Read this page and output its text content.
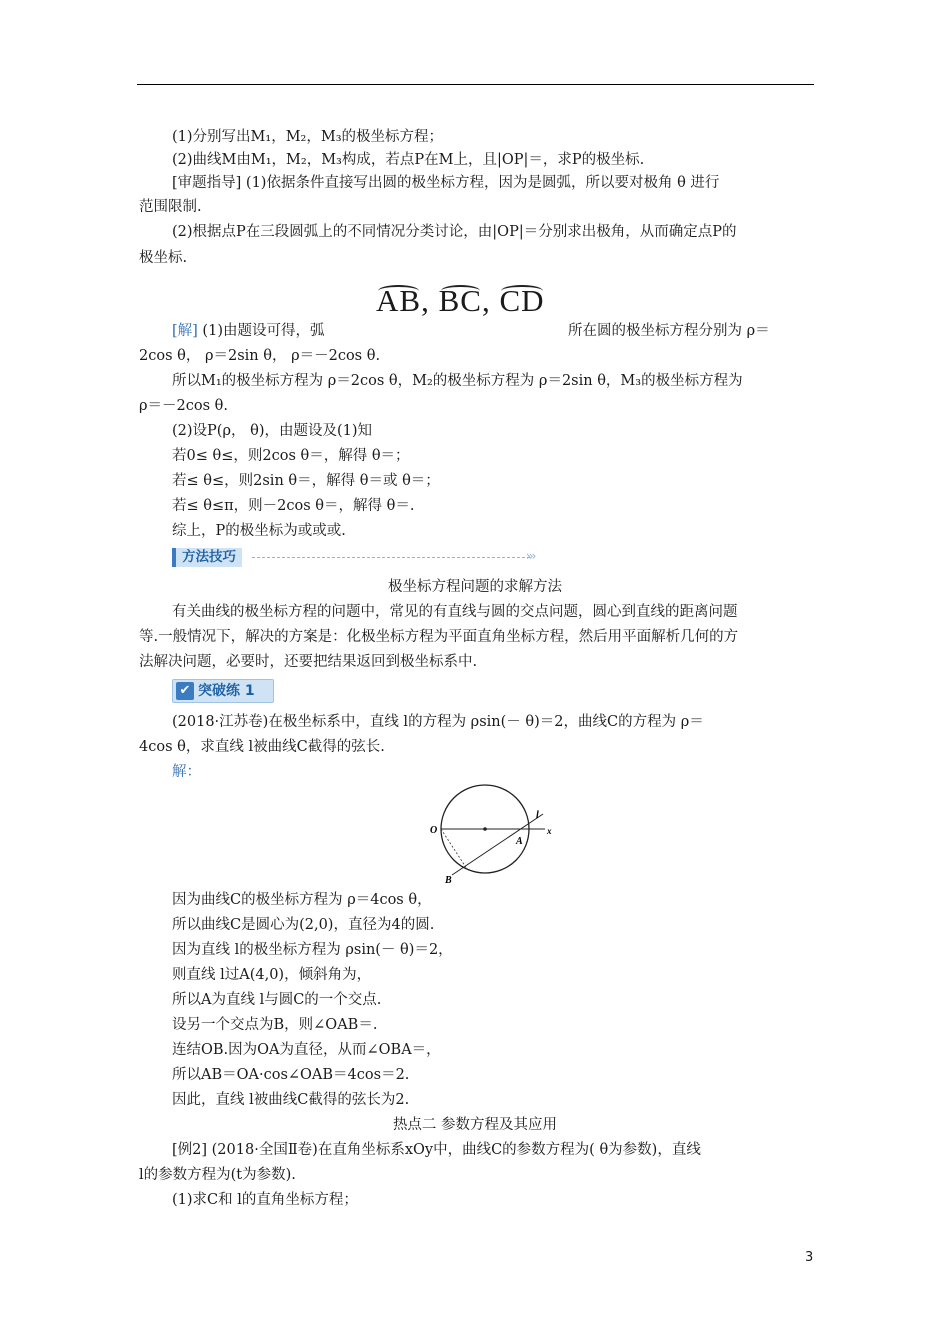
(1)分别写出M₁，M₂，M₃的极坐标方程；
(2)曲线M由M₁，M₂，M₃构成，若点P在M上，且|OP|＝，求P的极坐标.
[审题指导] (1)依据条件直接写出圆的极坐标方程，因为是圆弧，所以要对极角 θ 进行
范围限制.
(2)根据点P在三段圆弧上的不同情况分类讨论，由|OP|＝分别求出极角，从而确定点P的
极坐标.
AB, BC, CD
[解] (1)由题设可得，弧	所在圆的极坐标方程分别为 ρ＝
2cos θ， ρ＝2sin θ， ρ＝－2cos θ.
所以M₁的极坐标方程为 ρ＝2cos θ，M₂的极坐标方程为 ρ＝2sin θ，M₃的极坐标方程为
ρ＝－2cos θ.
(2)设P(ρ， θ)，由题设及(1)知
若0≤ θ≤，则2cos θ＝，解得 θ＝；
若≤ θ≤，则2sin θ＝，解得 θ＝或 θ＝；
若≤ θ≤π，则－2cos θ＝，解得 θ＝.
综上，P的极坐标为或或或.
方法技巧	›››
极坐标方程问题的求解方法
有关曲线的极坐标方程的问题中，常见的有直线与圆的交点问题，圆心到直线的距离问题
等.一般情况下，解决的方案是：化极坐标方程为平面直角坐标方程，然后用平面解析几何的方
法解决问题，必要时，还要把结果返回到极坐标系中.
✔ 突破练 1
(2018·江苏卷)在极坐标系中，直线 l的方程为 ρsin(－ θ)＝2，曲线C的方程为 ρ＝
4cos θ，求直线 l被曲线C截得的弦长.
解：
O
A
B
l
x
因为曲线C的极坐标方程为 ρ＝4cos θ，
所以曲线C是圆心为(2,0)，直径为4的圆.
因为直线 l的极坐标方程为 ρsin(－ θ)＝2，
则直线 l过A(4,0)，倾斜角为，
所以A为直线 l与圆C的一个交点.
设另一个交点为B，则∠OAB＝.
连结OB.因为OA为直径，从而∠OBA＝，
所以AB＝OA·cos∠OAB＝4cos＝2.
因此，直线 l被曲线C截得的弦长为2.
热点二 参数方程及其应用
[例2] (2018·全国Ⅱ卷)在直角坐标系xOy中，曲线C的参数方程为( θ为参数)，直线
l的参数方程为(t为参数).
(1)求C和 l的直角坐标方程；
3
